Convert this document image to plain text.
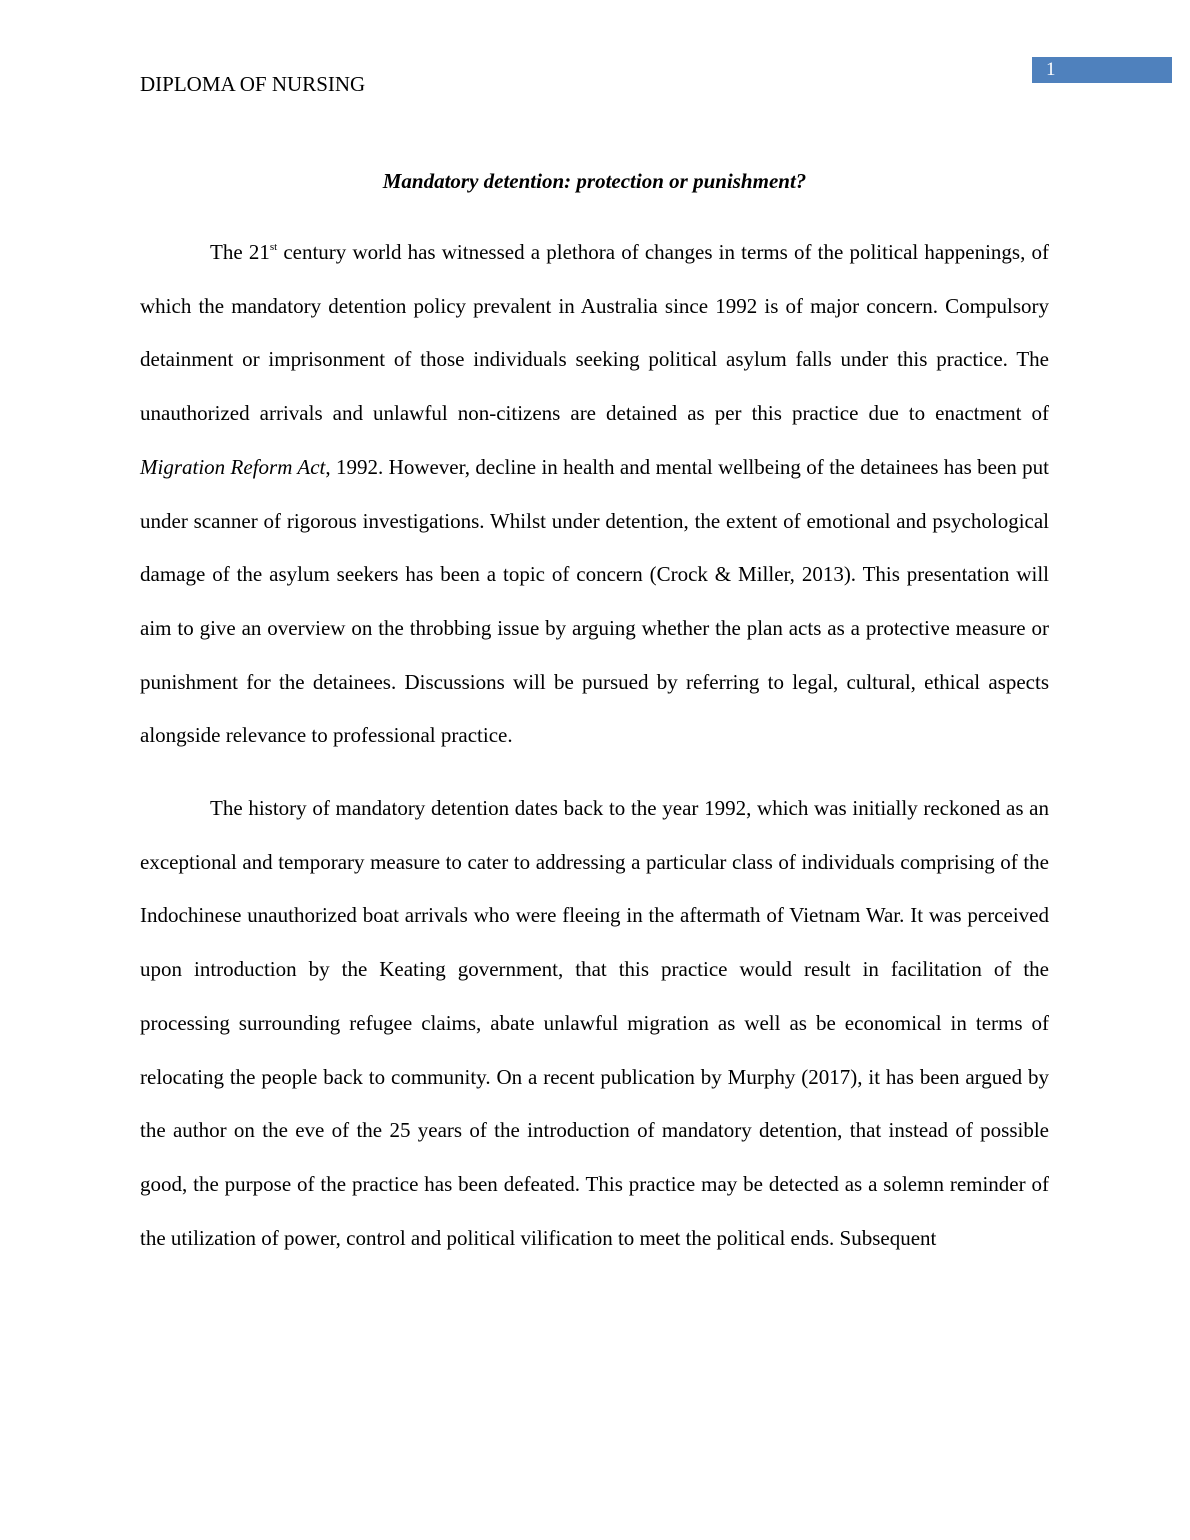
1
DIPLOMA OF NURSING
Mandatory detention: protection or punishment?

The 21st century world has witnessed a plethora of changes in terms of the political happenings, of which the mandatory detention policy prevalent in Australia since 1992 is of major concern. Compulsory detainment or imprisonment of those individuals seeking political asylum falls under this practice. The unauthorized arrivals and unlawful non-citizens are detained as per this practice due to enactment of Migration Reform Act, 1992. However, decline in health and mental wellbeing of the detainees has been put under scanner of rigorous investigations. Whilst under detention, the extent of emotional and psychological damage of the asylum seekers has been a topic of concern (Crock & Miller, 2013). This presentation will aim to give an overview on the throbbing issue by arguing whether the plan acts as a protective measure or punishment for the detainees. Discussions will be pursued by referring to legal, cultural, ethical aspects alongside relevance to professional practice.

The history of mandatory detention dates back to the year 1992, which was initially reckoned as an exceptional and temporary measure to cater to addressing a particular class of individuals comprising of the Indochinese unauthorized boat arrivals who were fleeing in the aftermath of Vietnam War. It was perceived upon introduction by the Keating government, that this practice would result in facilitation of the processing surrounding refugee claims, abate unlawful migration as well as be economical in terms of relocating the people back to community. On a recent publication by Murphy (2017), it has been argued by the author on the eve of the 25 years of the introduction of mandatory detention, that instead of possible good, the purpose of the practice has been defeated. This practice may be detected as a solemn reminder of the utilization of power, control and political vilification to meet the political ends. Subsequent
